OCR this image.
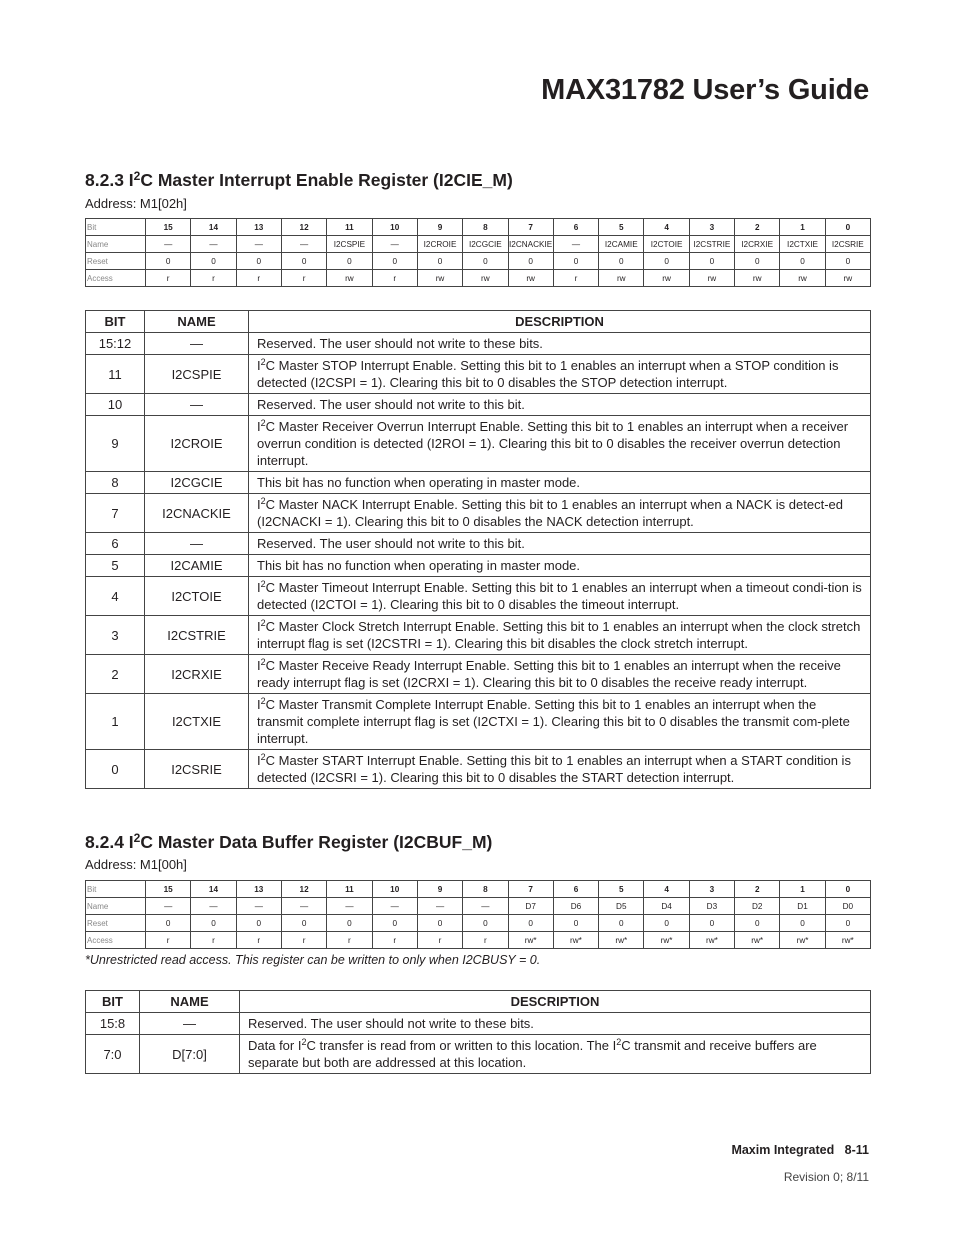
MAX31782 User’s Guide
8.2.3 $I^2C$ Master Interrupt Enable Register (I2CIE_M)
Address: M1[02h]
Bit	15	14	13	12	11	10	9	8	7	6	5	4	3	2	1	0
Name	—	—	—	—	I2CSPIE	—	I2CROIE	I2CGCIE	I2CNACKIE	—	I2CAMIE	I2CTOIE	I2CSTRIE	I2CRXIE	I2CTXIE	I2CSRIE
Reset	0	0	0	0	0	0	0	0	0	0	0	0	0	0	0	0
Access	r	r	r	r	rw	r	rw	rw	rw	r	rw	rw	rw	rw	rw	rw
BIT	NAME	DESCRIPTION
15:12	—	Reserved. The user should not write to these bits.
11	I2CSPIE	$I^2C$ Master STOP Interrupt Enable. Setting this bit to 1 enables an interrupt when a STOP condition is detected (I2CSPI = 1). Clearing this bit to 0 disables the STOP detection interrupt.
10	—	Reserved. The user should not write to this bit.
9	I2CROIE	$I^2C$ Master Receiver Overrun Interrupt Enable. Setting this bit to 1 enables an interrupt when a receiver overrun condition is detected (I2ROI = 1). Clearing this bit to 0 disables the receiver overrun detection interrupt.
8	I2CGCIE	This bit has no function when operating in master mode.
7	I2CNACKIE	$I^2C$ Master NACK Interrupt Enable. Setting this bit to 1 enables an interrupt when a NACK is detect-ed (I2CNACKI = 1). Clearing this bit to 0 disables the NACK detection interrupt.
6	—	Reserved. The user should not write to this bit.
5	I2CAMIE	This bit has no function when operating in master mode.
4	I2CTOIE	$I^2C$ Master Timeout Interrupt Enable. Setting this bit to 1 enables an interrupt when a timeout condi-tion is detected (I2CTOI = 1). Clearing this bit to 0 disables the timeout interrupt.
3	I2CSTRIE	$I^2C$ Master Clock Stretch Interrupt Enable. Setting this bit to 1 enables an interrupt when the clock stretch interrupt flag is set (I2CSTRI = 1). Clearing this bit disables the clock stretch interrupt.
2	I2CRXIE	$I^2C$ Master Receive Ready Interrupt Enable. Setting this bit to 1 enables an interrupt when the receive ready interrupt flag is set (I2CRXI = 1). Clearing this bit to 0 disables the receive ready interrupt.
1	I2CTXIE	$I^2C$ Master Transmit Complete Interrupt Enable. Setting this bit to 1 enables an interrupt when the transmit complete interrupt flag is set (I2CTXI = 1). Clearing this bit to 0 disables the transmit com-plete interrupt.
0	I2CSRIE	$I^2C$ Master START Interrupt Enable. Setting this bit to 1 enables an interrupt when a START condition is detected (I2CSRI = 1). Clearing this bit to 0 disables the START detection interrupt.
8.2.4 $I^2C$ Master Data Buffer Register (I2CBUF_M)
Address: M1[00h]
Bit	15	14	13	12	11	10	9	8	7	6	5	4	3	2	1	0
Name	—	—	—	—	—	—	—	—	D7	D6	D5	D4	D3	D2	D1	D0
Reset	0	0	0	0	0	0	0	0	0	0	0	0	0	0	0	0
Access	r	r	r	r	r	r	r	r	rw*	rw*	rw*	rw*	rw*	rw*	rw*	rw*
*Unrestricted read access. This register can be written to only when I2CBUSY = 0.
BIT	NAME	DESCRIPTION
15:8	—	Reserved. The user should not write to these bits.
7:0	D[7:0]	Data for $I^2C$ transfer is read from or written to this location. The $I^2C$ transmit and receive buffers are separate but both are addressed at this location.
Maxim Integrated   8-11
Revision 0; 8/11
